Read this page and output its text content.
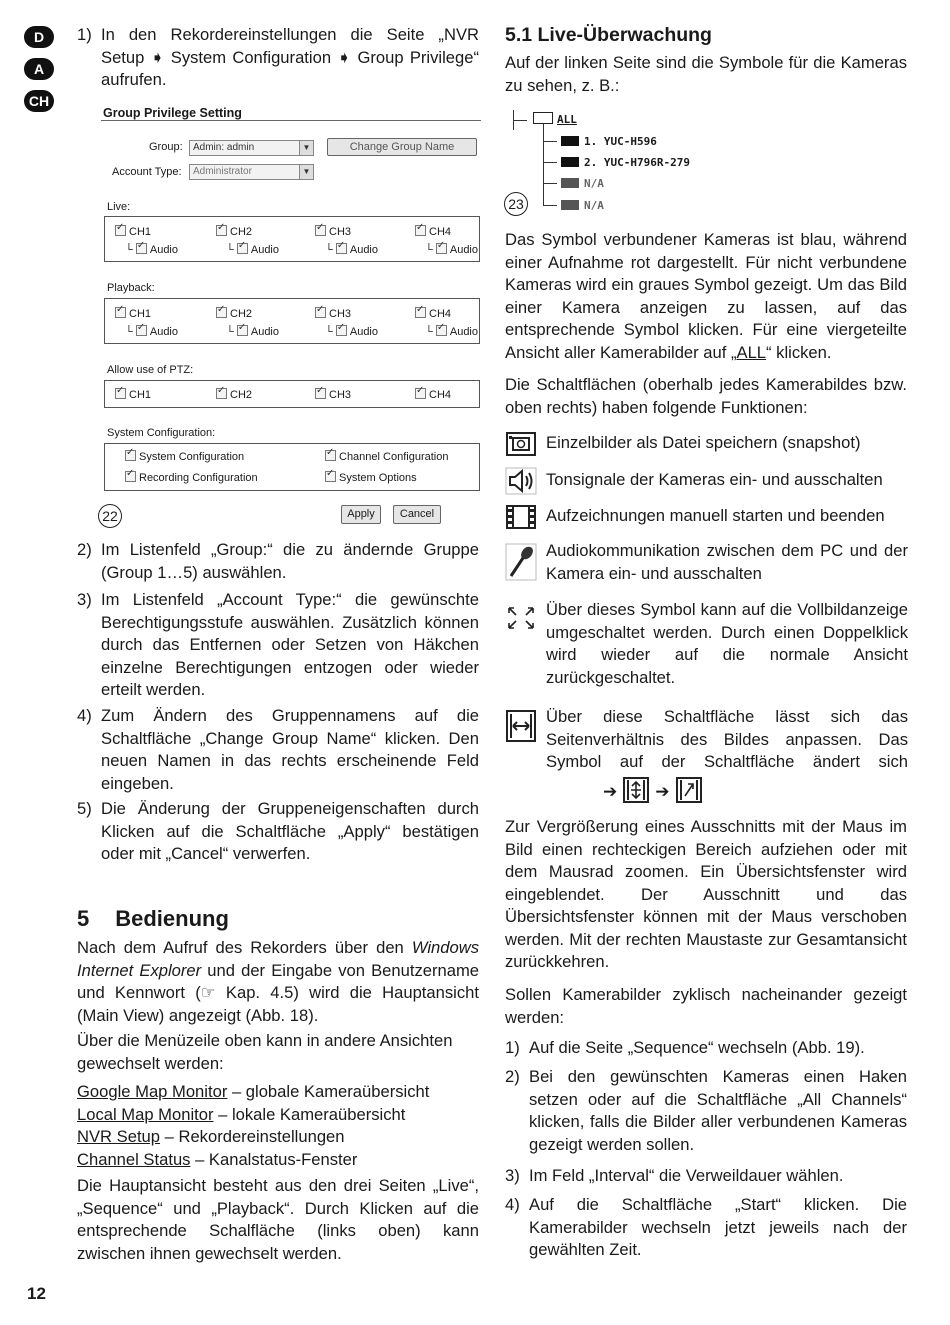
D
A
CH
1) In den Rekordereinstellungen die Seite „NVR Setup ➧ System Configuration ➧ Group Privilege“ aufrufen.
Group Privilege Setting
Group:	Admin: admin	▼	Change Group Name
Account Type:	Administrator	▼
Live:
✓CH1 ✓	CH2 ✓	CH3 ✓	CH4
└ ✓Audio	└ ✓Audio	└ ✓Audio	└ ✓Audio
Playback:
✓CH1 ✓	CH2 ✓	CH3 ✓	CH4
└ ✓Audio	└ ✓Audio	└ ✓Audio	└ ✓Audio
Allow use of PTZ:
✓CH1 ✓	CH2 ✓	CH3 ✓	CH4
System Configuration:
✓System Configuration ✓	Channel Configuration
✓Recording Configuration ✓	System Options
22	Apply	Cancel
2) Im Listenfeld „Group:“ die zu ändernde Gruppe (Group 1…5) auswählen.
3) Im Listenfeld „Account Type:“ die gewünschte Berechtigungsstufe auswählen. Zusätzlich können durch das Entfernen oder Setzen von Häkchen einzelne Berechtigungen entzogen oder wieder erteilt werden.
4) Zum Ändern des Gruppennamens auf die Schaltfläche „Change Group Name“ klicken. Den neuen Namen in das rechts erscheinende Feld eingeben.
5) Die Änderung der Gruppeneigenschaften durch Klicken auf die Schaltfläche „Apply“ bestätigen oder mit „Cancel“ verwerfen.
5 Bedienung
Nach dem Aufruf des Rekorders über den Windows Internet Explorer und der Eingabe von Benutzername und Kennwort (☞ Kap. 4.5) wird die Hauptansicht (Main View) angezeigt (Abb. 18).
Über die Menüzeile oben kann in andere Ansichten gewechselt werden:
Google Map Monitor – globale Kameraübersicht
Local Map Monitor – lokale Kameraübersicht
NVR Setup – Rekordereinstellungen
Channel Status – Kanalstatus-Fenster
Die Hauptansicht besteht aus den drei Seiten „Live“, „Sequence“ und „Playback“. Durch Klicken auf die entsprechende Schalfläche (links oben) kann zwischen ihnen gewechselt werden.
12
5.1 Live-Überwachung
Auf der linken Seite sind die Symbole für die Kameras zu sehen, z. B.:
ALL
1. YUC-H596
2. YUC-H796R-279
N/A
N/A
23
Das Symbol verbundener Kameras ist blau, während einer Aufnahme rot dargestellt. Für nicht verbundene Kameras wird ein graues Symbol gezeigt. Um das Bild einer Kamera anzeigen zu lassen, auf das entsprechende Symbol klicken. Für eine viergeteilte Ansicht aller Kamerabilder auf „ALL“ klicken.
Die Schaltflächen (oberhalb jedes Kamerabildes bzw. oben rechts) haben folgende Funktionen:
Einzelbilder als Datei speichern (snapshot)
Tonsignale der Kameras ein- und ausschalten
Aufzeichnungen manuell starten und beenden
Audiokommunikation zwischen dem PC und der Kamera ein- und ausschalten
Über dieses Symbol kann auf die Vollbildanzeige umgeschaltet werden. Durch einen Doppelklick wird wieder auf die normale Ansicht zurückgeschaltet.
Über diese Schaltfläche lässt sich das Seitenverhältnis des Bildes anpassen. Das Symbol auf der Schaltfläche ändert sich
➔ ➔
Zur Vergrößerung eines Ausschnitts mit der Maus im Bild einen rechteckigen Bereich aufziehen oder mit dem Mausrad zoomen. Ein Übersichtsfenster wird eingeblendet. Der Ausschnitt und das Übersichtsfenster können mit der Maus verschoben werden. Mit der rechten Maustaste zur Gesamtansicht zurückkehren.
Sollen Kamerabilder zyklisch nacheinander gezeigt werden:
1) Auf die Seite „Sequence“ wechseln (Abb. 19).
2) Bei den gewünschten Kameras einen Haken setzen oder auf die Schaltfläche „All Channels“ klicken, falls die Bilder aller verbundenen Kameras gezeigt werden sollen.
3) Im Feld „Interval“ die Verweildauer wählen.
4) Auf die Schaltfläche „Start“ klicken. Die Kamerabilder wechseln jetzt jeweils nach der gewählten Zeit.
